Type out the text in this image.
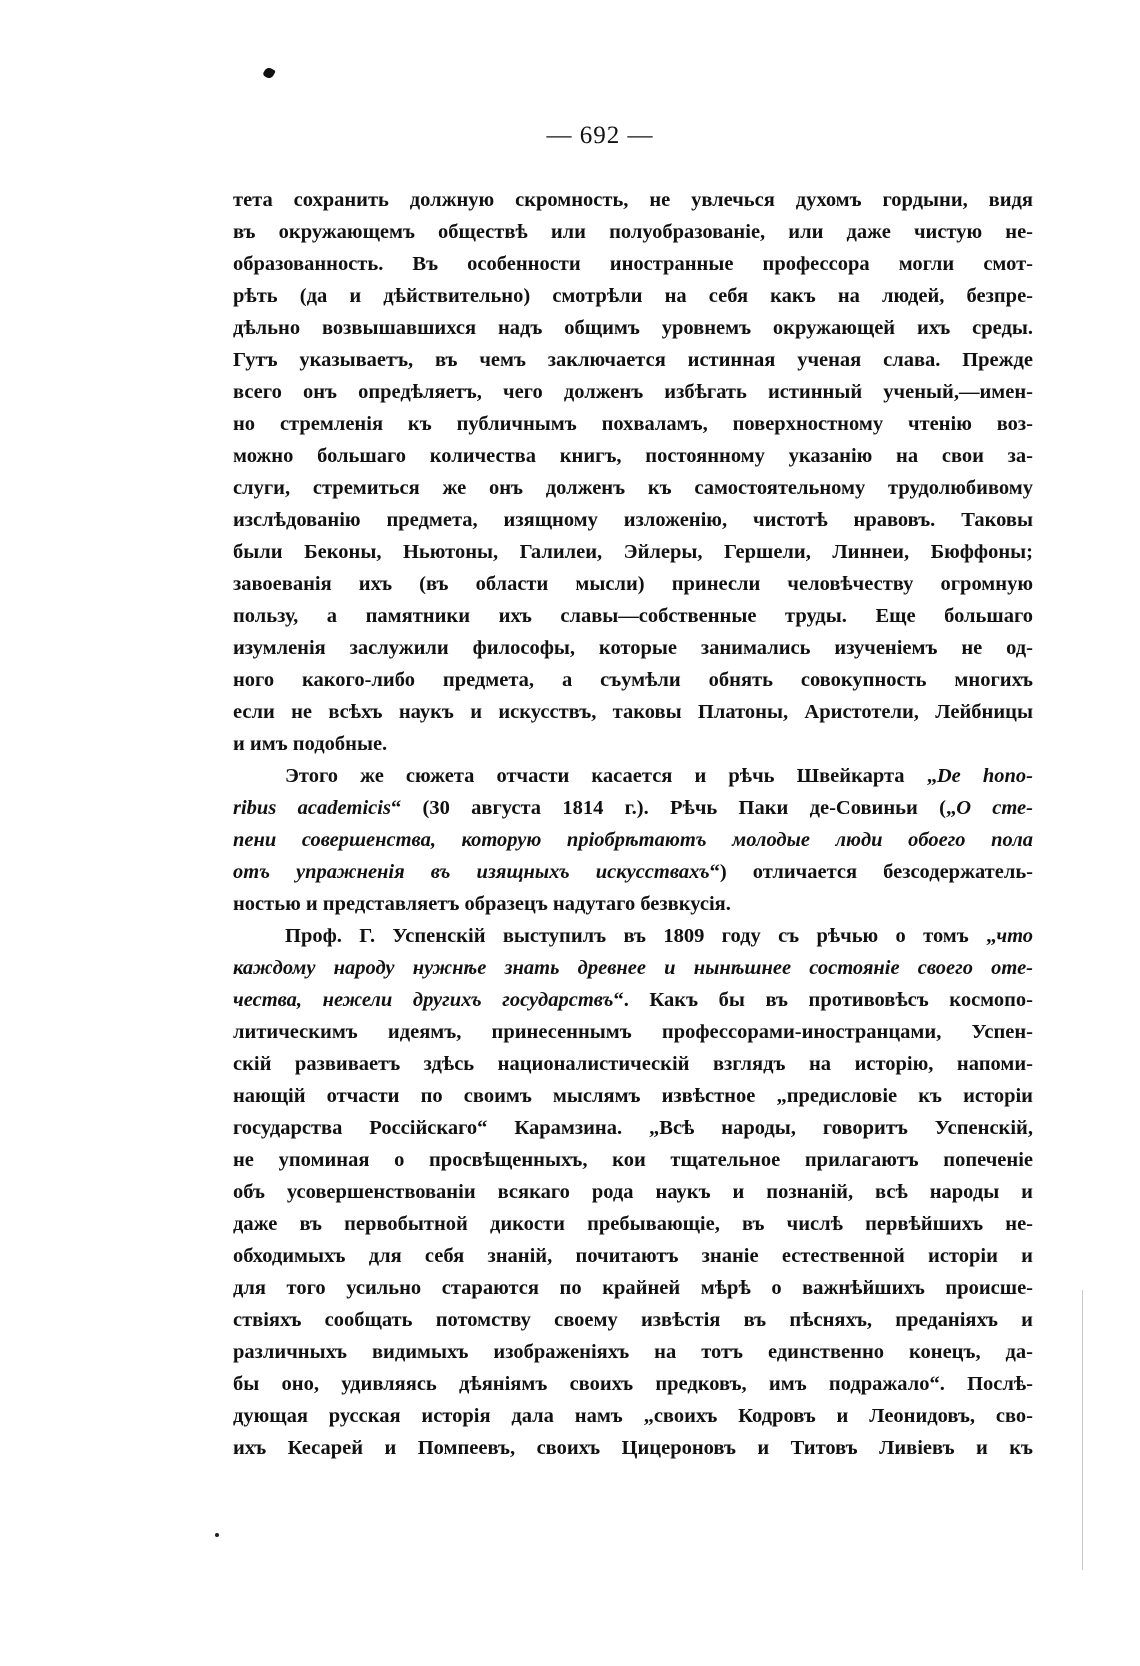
— 692 —
тета сохранить должную скромность, не увлечься духомъ гордыни, видя
въ окружающемъ обществѣ или полуобразованіе, или даже чистую не-
образованность. Въ особенности иностранные профессора могли смот-
рѣть (да и дѣйствительно) смотрѣли на себя какъ на людей, безпре-
дѣльно возвышавшихся надъ общимъ уровнемъ окружающей ихъ среды.
Гутъ указываетъ, въ чемъ заключается истинная ученая слава. Прежде
всего онъ опредѣляетъ, чего долженъ избѣгать истинный ученый,—имен-
но стремленія къ публичнымъ похваламъ, поверхностному чтенію воз-
можно большаго количества книгъ, постоянному указанію на свои за-
слуги, стремиться же онъ долженъ къ самостоятельному трудолюбивому
изслѣдованію предмета, изящному изложенію, чистотѣ нравовъ. Таковы
были Беконы, Ньютоны, Галилеи, Эйлеры, Гершели, Линнеи, Бюффоны;
завоеванія ихъ (въ области мысли) принесли человѣчеству огромную
пользу, а памятники ихъ славы—собственные труды. Еще большаго
изумленія заслужили философы, которые занимались изученіемъ не од-
ного какого-либо предмета, а съумѣли обнять совокупность многихъ
если не всѣхъ наукъ и искусствъ, таковы Платоны, Аристотели, Лейбницы
и имъ подобные.
Этого же сюжета отчасти касается и рѣчь Швейкарта „De hono-
ribus academicis“ (30 августа 1814 г.). Рѣчь Паки де-Совиньи („О сте-
пени совершенства, которую пріобрѣтаютъ молодые люди обоего пола
отъ упражненія въ изящныхъ искусствахъ“) отличается безсодержатель-
ностью и представляетъ образецъ надутаго безвкусія.
Проф. Г. Успенскій выступилъ въ 1809 году съ рѣчью о томъ „что
каждому народу нужнѣе знать древнее и нынѣшнее состояніе своего оте-
чества, нежели другихъ государствъ“. Какъ бы въ противовѣсъ космопо-
литическимъ идеямъ, принесеннымъ профессорами-иностранцами, Успен-
скій развиваетъ здѣсь националистическій взглядъ на исторію, напоми-
нающій отчасти по своимъ мыслямъ извѣстное „предисловіе къ исторіи
государства Россійскаго“ Карамзина. „Всѣ народы, говоритъ Успенскій,
не упоминая о просвѣщенныхъ, кои тщательное прилагаютъ попеченіе
объ усовершенствованіи всякаго рода наукъ и познаній, всѣ народы и
даже въ первобытной дикости пребывающіе, въ числѣ первѣйшихъ не-
обходимыхъ для себя знаній, почитаютъ знаніе естественной исторіи и
для того усильно стараются по крайней мѣрѣ о важнѣйшихъ происше-
ствіяхъ сообщать потомству своему извѣстія въ пѣсняхъ, преданіяхъ и
различныхъ видимыхъ изображеніяхъ на тотъ единственно конецъ, да-
бы оно, удивляясь дѣяніямъ своихъ предковъ, имъ подражало“. Послѣ-
дующая русская исторія дала намъ „своихъ Кодровъ и Леонидовъ, сво-
ихъ Кесарей и Помпеевъ, своихъ Цицероновъ и Титовъ Ливіевъ и къ
